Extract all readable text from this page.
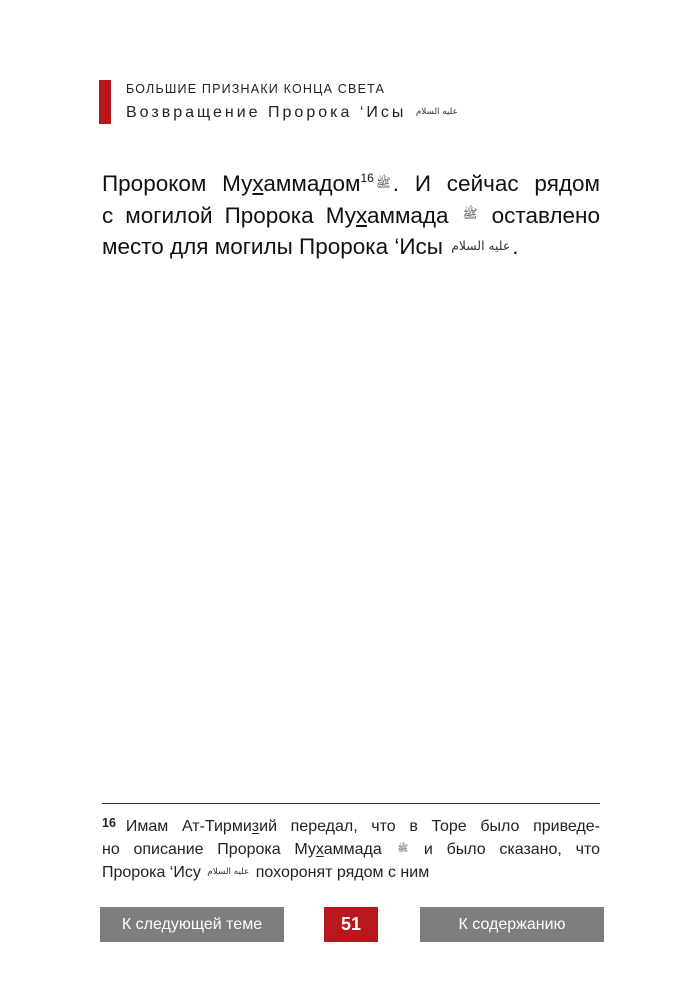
БОЛЬШИЕ ПРИЗНАКИ КОНЦА СВЕТА
Возвращение Пророка ‘Исы عليه السلام
Пророком Мухаммадом$^{16}$ ﷺ. И сейчас рядом
с могилой Пророка Мухаммада ﷺ оставлено
место для могилы Пророка ‘Исы عليه السلام.
$^{16}$ Имам Ат-Тирмизий передал, что в Торе было приведе-
но описание Пророка Мухаммада ﷺ и было сказано, что
Пророка ‘Ису عليه السلام похоронят рядом с ним
К следующей теме	51	К содержанию
